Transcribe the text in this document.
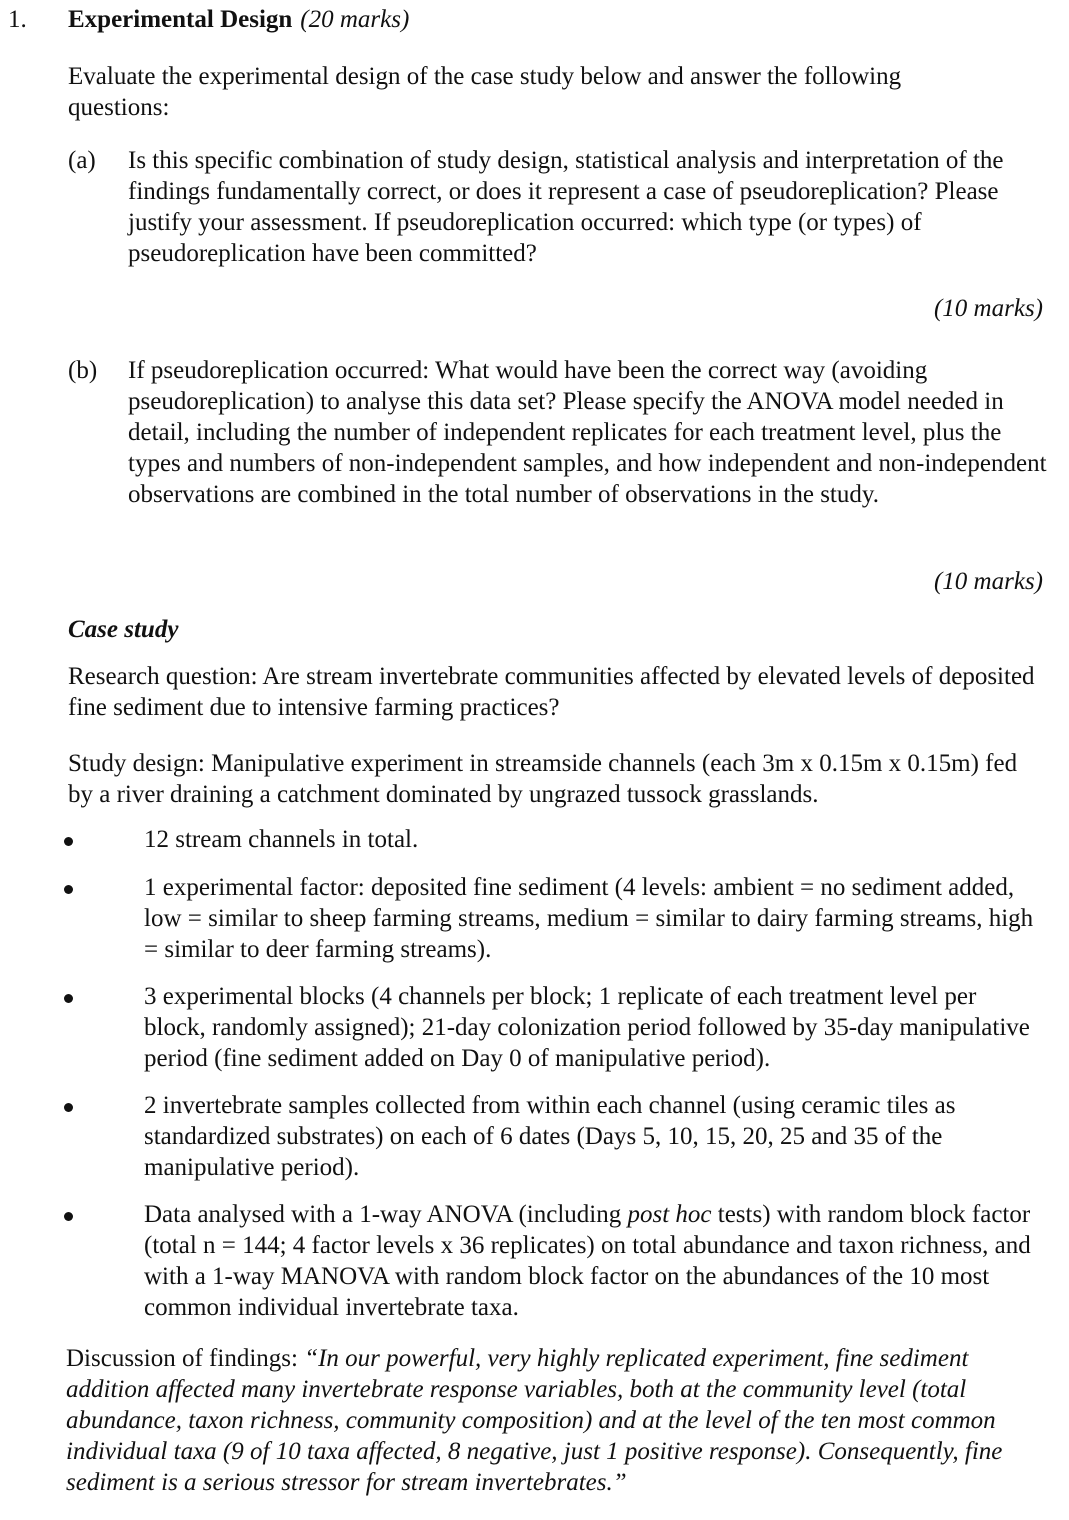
1. Experimental Design (20 marks)

Evaluate the experimental design of the case study below and answer the following questions:

(a) Is this specific combination of study design, statistical analysis and interpretation of the findings fundamentally correct, or does it represent a case of pseudoreplication? Please justify your assessment. If pseudoreplication occurred: which type (or types) of pseudoreplication have been committed?

(10 marks)
(b) If pseudoreplication occurred: What would have been the correct way (avoiding pseudoreplication) to analyse this data set? Please specify the ANOVA model needed in detail, including the number of independent replicates for each treatment level, plus the types and numbers of non-independent samples, and how independent and non-independent observations are combined in the total number of observations in the study.

(10 marks)
Case study

Research question: Are stream invertebrate communities affected by elevated levels of deposited fine sediment due to intensive farming practices?

Study design: Manipulative experiment in streamside channels (each 3m x 0.15m x 0.15m) fed by a river draining a catchment dominated by ungrazed tussock grasslands.

12 stream channels in total.

1 experimental factor: deposited fine sediment (4 levels: ambient = no sediment added, low = similar to sheep farming streams, medium = similar to dairy farming streams, high = similar to deer farming streams).

3 experimental blocks (4 channels per block; 1 replicate of each treatment level per block, randomly assigned); 21-day colonization period followed by 35-day manipulative period (fine sediment added on Day 0 of manipulative period).

2 invertebrate samples collected from within each channel (using ceramic tiles as standardized substrates) on each of 6 dates (Days 5, 10, 15, 20, 25 and 35 of the manipulative period).

Data analysed with a 1-way ANOVA (including post hoc tests) with random block factor (total n = 144; 4 factor levels x 36 replicates) on total abundance and taxon richness, and with a 1-way MANOVA with random block factor on the abundances of the 10 most common individual invertebrate taxa.

Discussion of findings: “In our powerful, very highly replicated experiment, fine sediment addition affected many invertebrate response variables, both at the community level (total abundance, taxon richness, community composition) and at the level of the ten most common individual taxa (9 of 10 taxa affected, 8 negative, just 1 positive response). Consequently, fine sediment is a serious stressor for stream invertebrates.”
